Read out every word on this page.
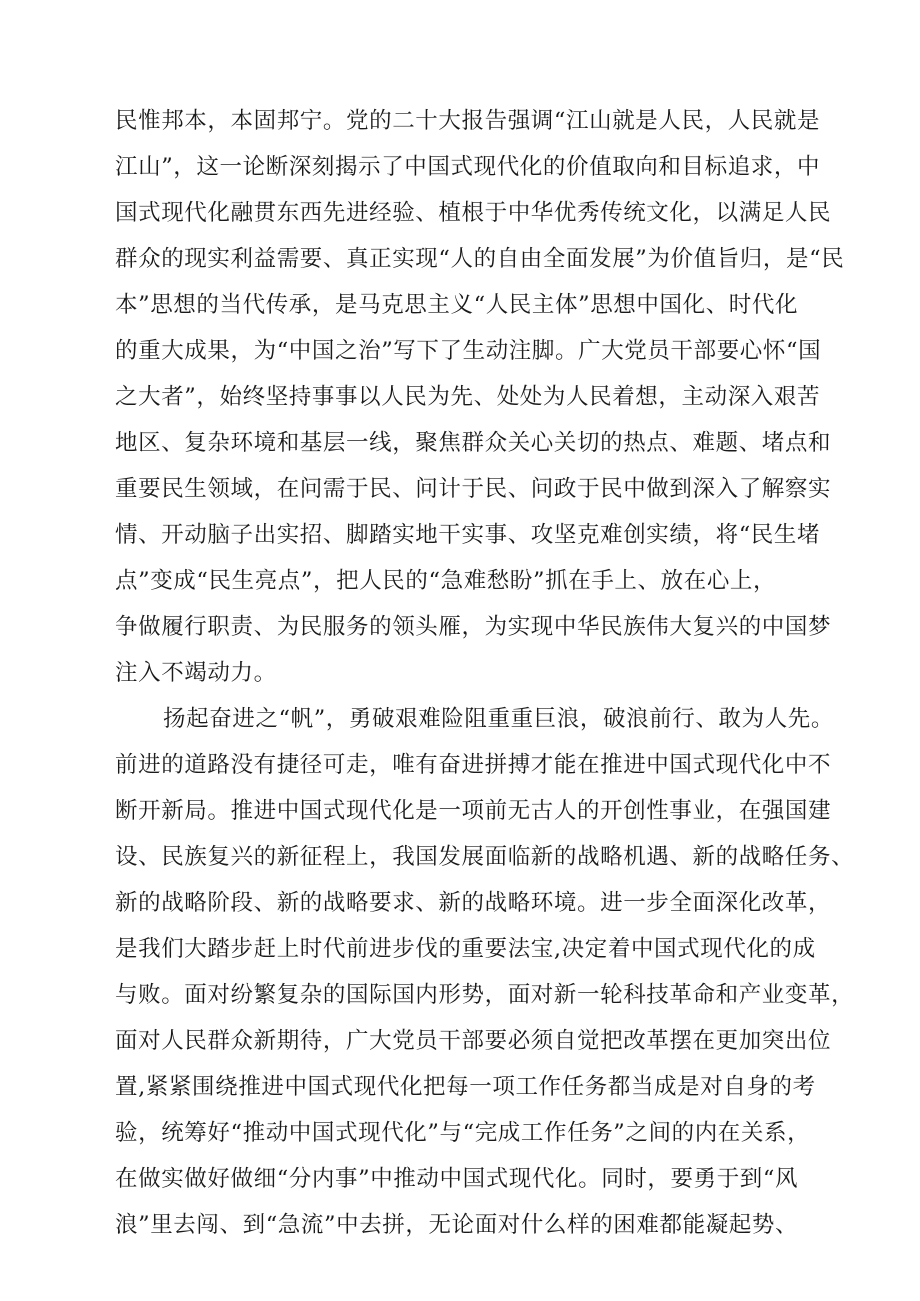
民惟邦本，本固邦宁。党的二十大报告强调“江山就是人民，人民就是
江山”，这一论断深刻揭示了中国式现代化的价值取向和目标追求，中
国式现代化融贯东西先进经验、植根于中华优秀传统文化，以满足人民
群众的现实利益需要、真正实现“人的自由全面发展”为价值旨归，是“民
本”思想的当代传承，是马克思主义“人民主体”思想中国化、时代化
的重大成果，为“中国之治”写下了生动注脚。广大党员干部要心怀“国
之大者”，始终坚持事事以人民为先、处处为人民着想，主动深入艰苦
地区、复杂环境和基层一线，聚焦群众关心关切的热点、难题、堵点和
重要民生领域，在问需于民、问计于民、问政于民中做到深入了解察实
情、开动脑子出实招、脚踏实地干实事、攻坚克难创实绩，将“民生堵
点”变成“民生亮点”，把人民的“急难愁盼”抓在手上、放在心上，
争做履行职责、为民服务的领头雁，为实现中华民族伟大复兴的中国梦
注入不竭动力。
扬起奋进之“帆”，勇破艰难险阻重重巨浪，破浪前行、敢为人先。
前进的道路没有捷径可走，唯有奋进拼搏才能在推进中国式现代化中不
断开新局。推进中国式现代化是一项前无古人的开创性事业，在强国建
设、民族复兴的新征程上，我国发展面临新的战略机遇、新的战略任务、
新的战略阶段、新的战略要求、新的战略环境。进一步全面深化改革，
是我们大踏步赶上时代前进步伐的重要法宝,决定着中国式现代化的成
与败。面对纷繁复杂的国际国内形势，面对新一轮科技革命和产业变革，
面对人民群众新期待，广大党员干部要必须自觉把改革摆在更加突出位
置,紧紧围绕推进中国式现代化把每一项工作任务都当成是对自身的考
验，统筹好“推动中国式现代化”与“完成工作任务”之间的内在关系，
在做实做好做细“分内事”中推动中国式现代化。同时，要勇于到“风
浪”里去闯、到“急流”中去拼，无论面对什么样的困难都能凝起势、
